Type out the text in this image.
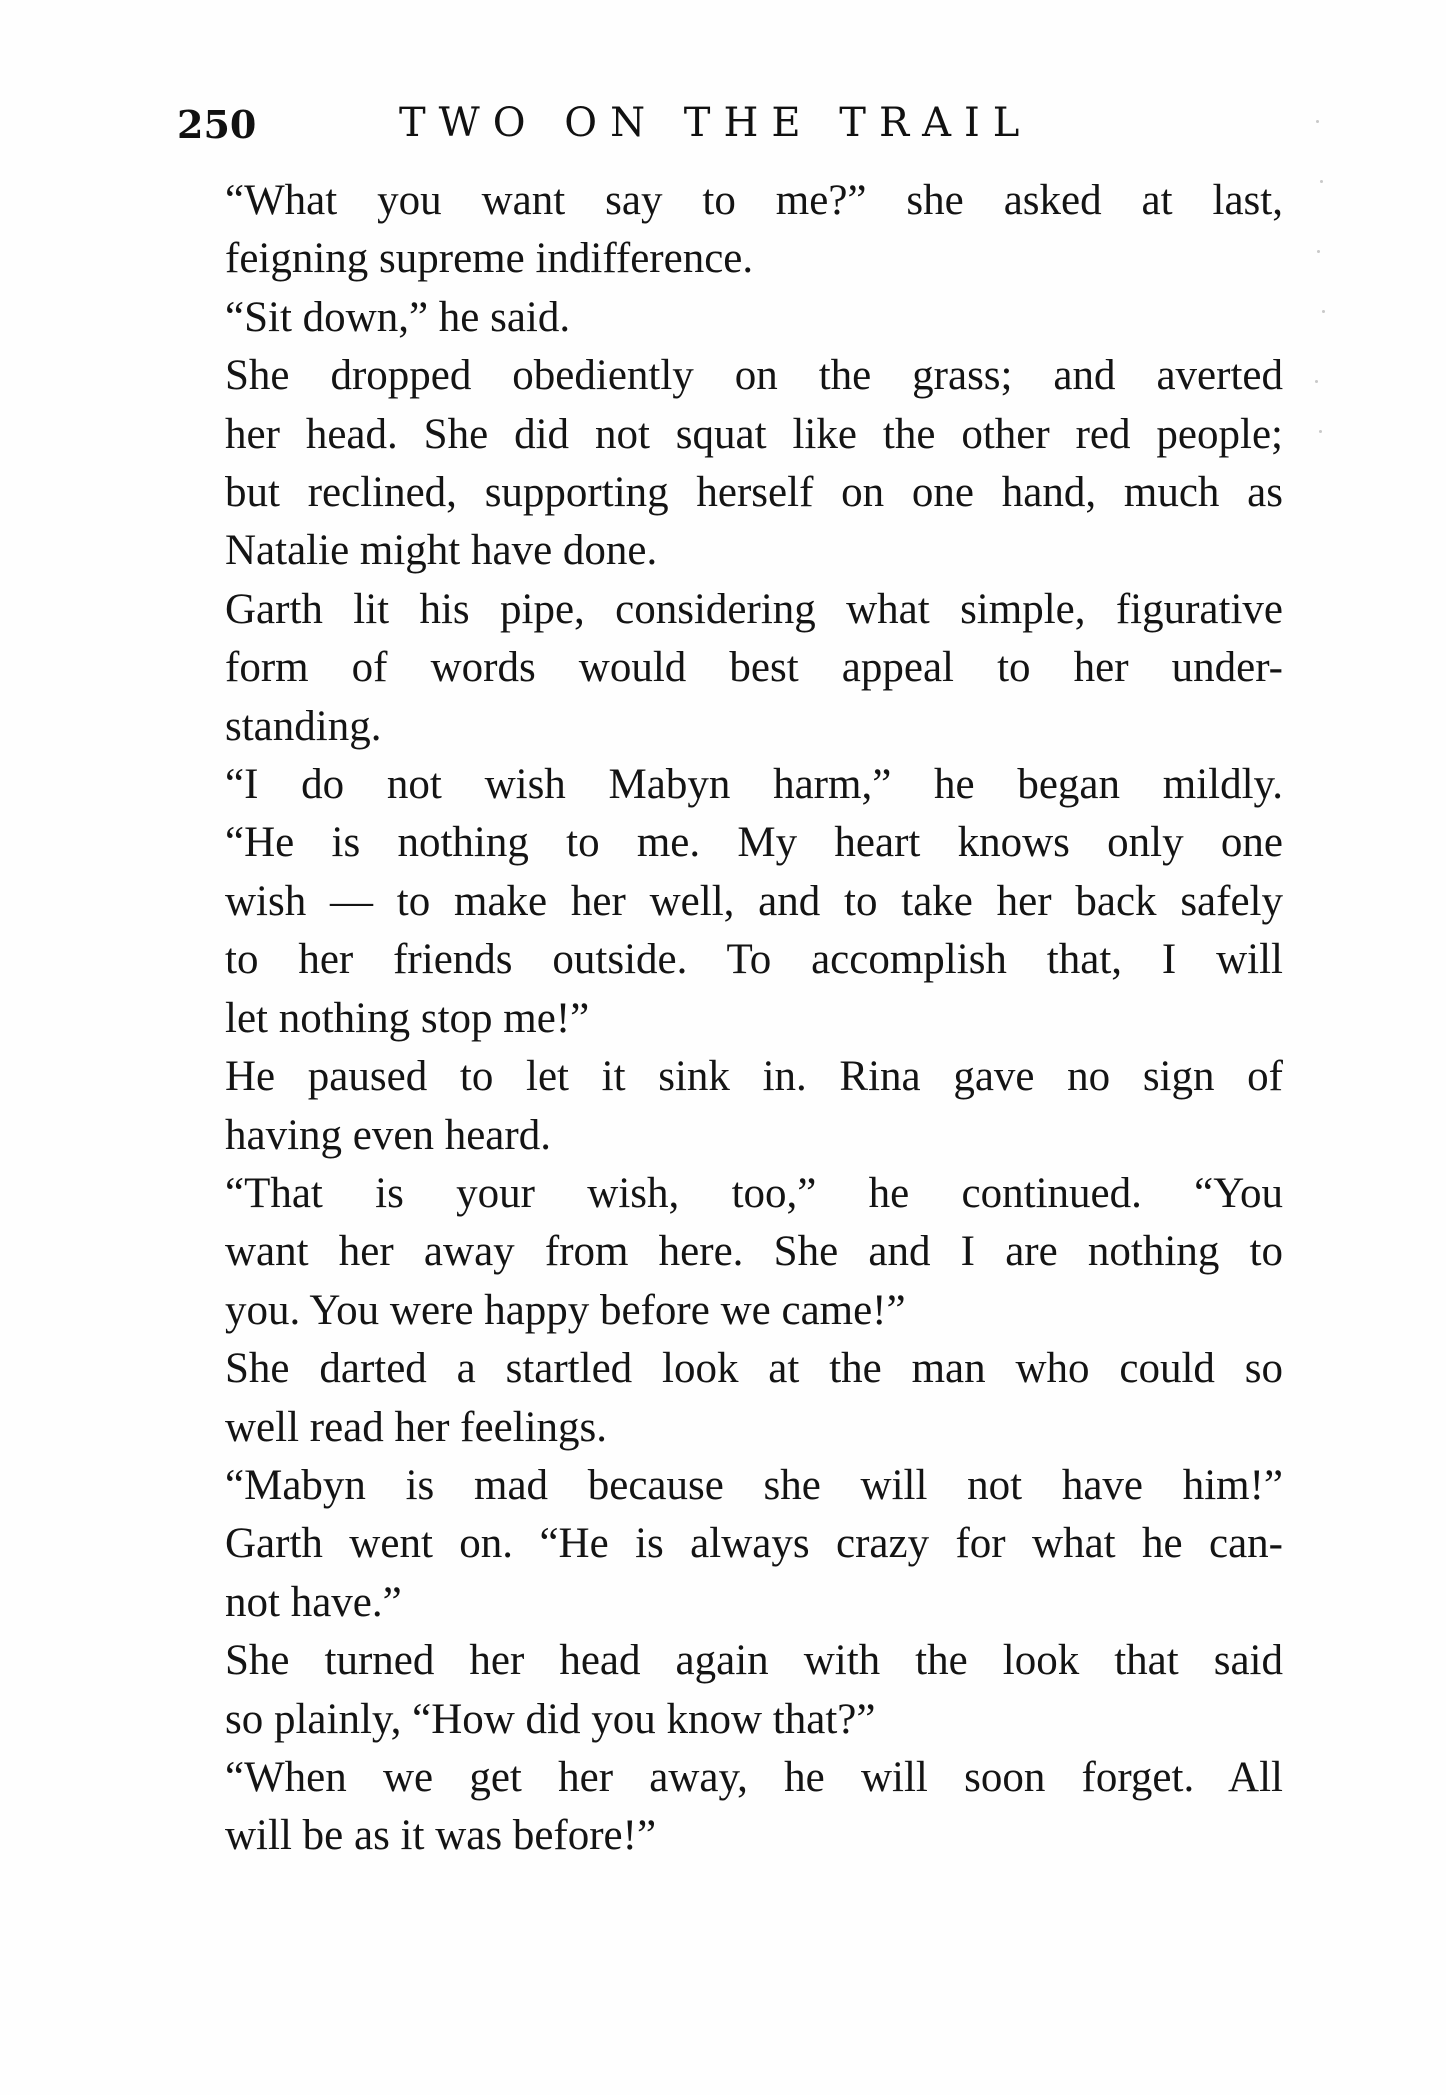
250	TWO ON THE TRAIL

“What you want say to me?” she asked at last,
feigning supreme indifference.

“Sit down,” he said.

She dropped obediently on the grass; and averted
her head. She did not squat like the other red people;
but reclined, supporting herself on one hand, much as
Natalie might have done.

Garth lit his pipe, considering what simple, figurative
form of words would best appeal to her under-
standing.

“I do not wish Mabyn harm,” he began mildly.
“He is nothing to me. My heart knows only one
wish — to make her well, and to take her back safely
to her friends outside. To accomplish that, I will
let nothing stop me!”

He paused to let it sink in. Rina gave no sign of
having even heard.

“That is your wish, too,” he continued. “You
want her away from here. She and I are nothing to
you. You were happy before we came!”

She darted a startled look at the man who could so
well read her feelings.

“Mabyn is mad because she will not have him!”
Garth went on. “He is always crazy for what he can-
not have.”

She turned her head again with the look that said
so plainly, “How did you know that?”

“When we get her away, he will soon forget. All
will be as it was before!”
